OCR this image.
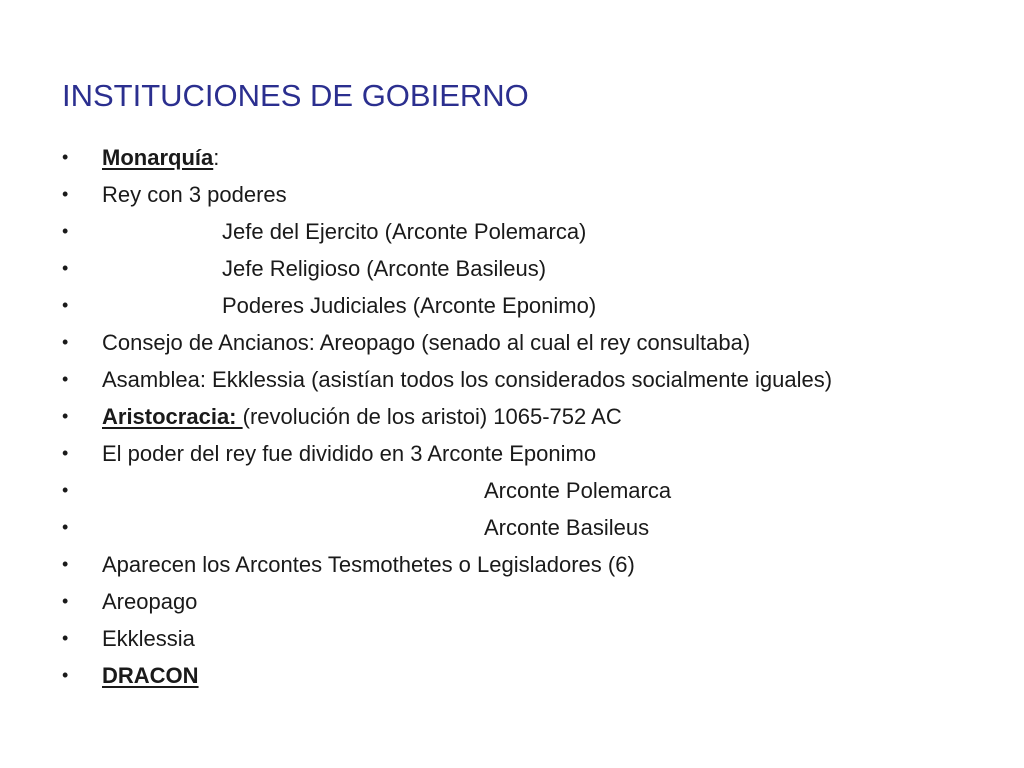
INSTITUCIONES DE GOBIERNO
•	Monarquía:
•	Rey con 3 poderes
•	Jefe del Ejercito (Arconte Polemarca)
•	Jefe Religioso (Arconte Basileus)
•	Poderes Judiciales (Arconte Eponimo)
•	Consejo de Ancianos: Areopago (senado al cual el rey consultaba)
•	Asamblea: Ekklessia (asistían todos los considerados socialmente iguales)
•	Aristocracia: (revolución de los aristoi) 1065-752 AC
•	El poder del rey fue dividido en 3 Arconte Eponimo
•	Arconte Polemarca
•	Arconte Basileus
•	Aparecen los Arcontes Tesmothetes o Legisladores (6)
•	Areopago
•	Ekklessia
•	DRACON
